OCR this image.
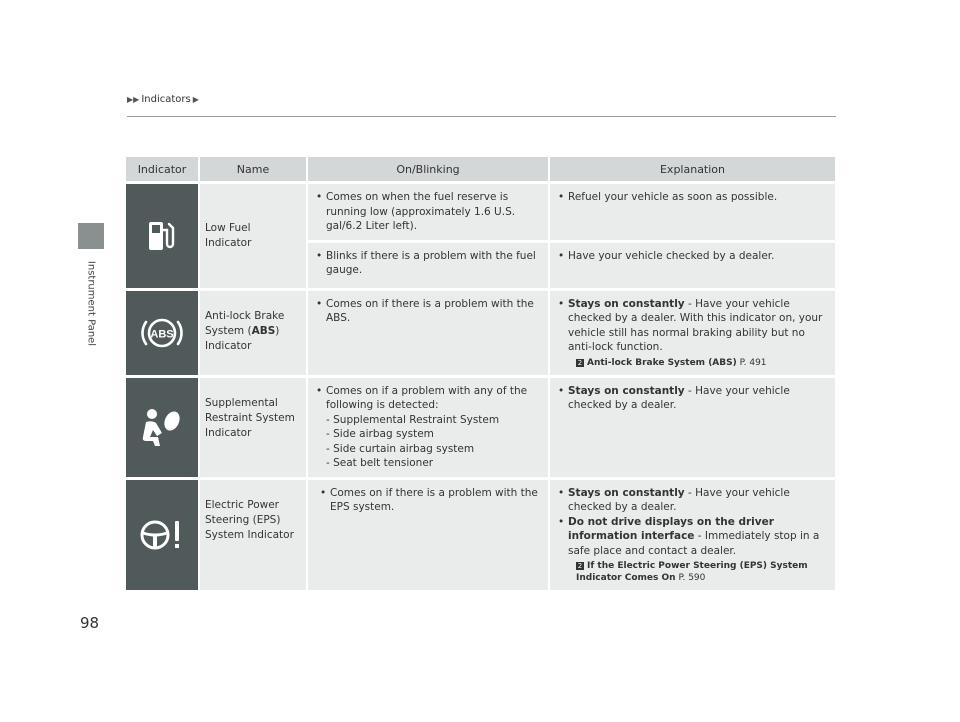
Instrument Panel
▶▶ Indicators ▶
Indicator	Name	On/Blinking	Explanation

	Low Fuel Indicator	• Comes on when the fuel reserve is running low (approximately 1.6 U.S. gal/6.2 Liter left).	• Refuel your vehicle as soon as possible.

		• Blinks if there is a problem with the fuel gauge.	• Have your vehicle checked by a dealer.

ABS	Anti-lock Brake System (ABS) Indicator	• Comes on if there is a problem with the ABS.	• Stays on constantly - Have your vehicle checked by a dealer. With this indicator on, your vehicle still has normal braking ability but no anti-lock function.

2 Anti-lock Brake System (ABS) P. 491

	Supplemental Restraint System Indicator	• Comes on if a problem with any of the following is detected:

- Supplemental Restraint System

- Side airbag system

- Side curtain airbag system

- Seat belt tensioner	• Stays on constantly - Have your vehicle checked by a dealer.

	Electric Power Steering (EPS) System Indicator	• Comes on if there is a problem with the EPS system.	• Stays on constantly - Have your vehicle checked by a dealer.

• Do not drive displays on the driver information interface - Immediately stop in a safe place and contact a dealer.

2 If the Electric Power Steering (EPS) System Indicator Comes On P. 590

98
